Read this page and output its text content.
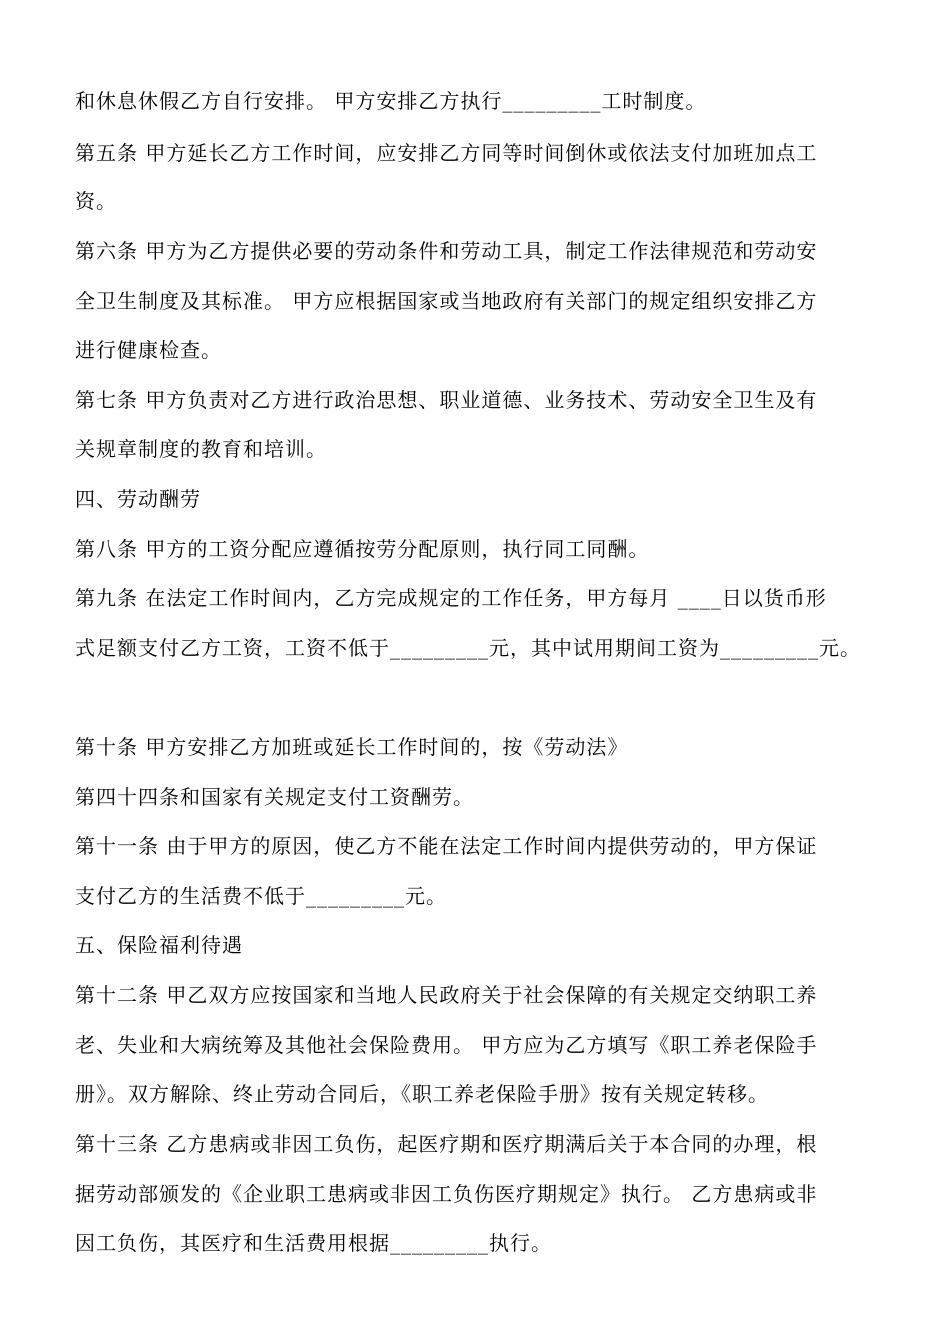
和休息休假乙方自行安排。 甲方安排乙方执行_________工时制度。
第五条 甲方延长乙方工作时间，应安排乙方同等时间倒休或依法支付加班加点工
资。
第六条 甲方为乙方提供必要的劳动条件和劳动工具，制定工作法律规范和劳动安
全卫生制度及其标准。 甲方应根据国家或当地政府有关部门的规定组织安排乙方
进行健康检查。
第七条 甲方负责对乙方进行政治思想、职业道德、业务技术、劳动安全卫生及有
关规章制度的教育和培训。
四、劳动酬劳
第八条 甲方的工资分配应遵循按劳分配原则，执行同工同酬。
第九条 在法定工作时间内，乙方完成规定的工作任务，甲方每月 ____日以货币形
式足额支付乙方工资，工资不低于_________元，其中试用期间工资为_________元。
第十条 甲方安排乙方加班或延长工作时间的，按《劳动法》
第四十四条和国家有关规定支付工资酬劳。
第十一条 由于甲方的原因，使乙方不能在法定工作时间内提供劳动的，甲方保证
支付乙方的生活费不低于_________元。
五、保险福利待遇
第十二条 甲乙双方应按国家和当地人民政府关于社会保障的有关规定交纳职工养
老、失业和大病统筹及其他社会保险费用。 甲方应为乙方填写《职工养老保险手
册》。双方解除、终止劳动合同后，《职工养老保险手册》按有关规定转移。
第十三条 乙方患病或非因工负伤，起医疗期和医疗期满后关于本合同的办理，根
据劳动部颁发的《企业职工患病或非因工负伤医疗期规定》执行。 乙方患病或非
因工负伤，其医疗和生活费用根据_________执行。
